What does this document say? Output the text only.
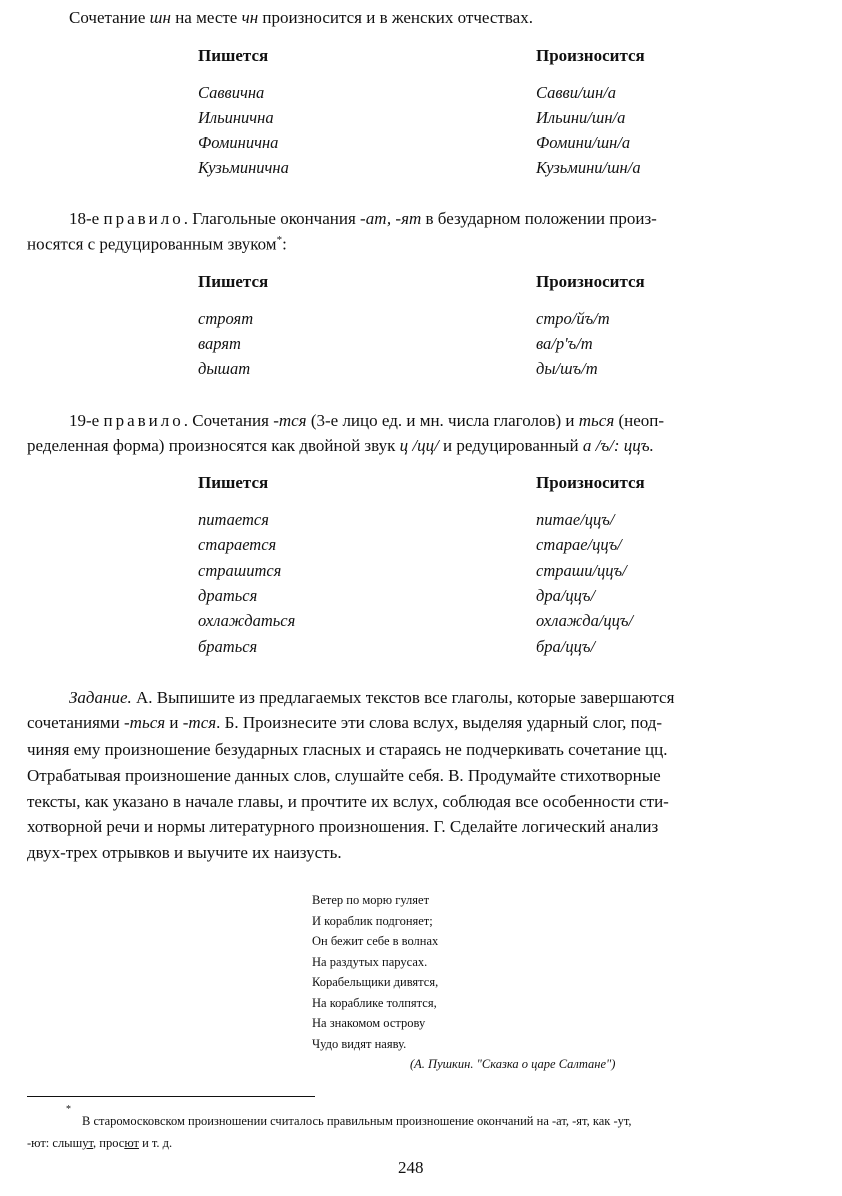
Сочетание шн на месте чн произносится и в женских отчествах.
Пишется	Произносится
Саввична	Савви/шн/а
Ильинична	Ильини/шн/а
Фоминична	Фомини/шн/а
Кузьминична	Кузьмини/шн/а
18-е правило. Глагольные окончания -ат, -ят в безударном положении произ-
носятся с редуцированным звуком*:
Пишется	Произносится
строят	стро/йъ/т
варят	ва/р'ъ/т
дышат	ды/шъ/т
19-е правило. Сочетания -тся (3-е лицо ед. и мн. числа глаголов) и ться (неоп-
ределенная форма) произносятся как двойной звук ц /цц/ и редуцированный а /ъ/: ццъ.
Пишется	Произносится
питается	питае/ццъ/
старается	старае/ццъ/
страшится	страши/ццъ/
драться	дра/ццъ/
охлаждаться	охлажда/ццъ/
браться	бра/ццъ/
Задание. А. Выпишите из предлагаемых текстов все глаголы, которые завершаются
сочетаниями -ться и -тся. Б. Произнесите эти слова вслух, выделяя ударный слог, под-
чиняя ему произношение безударных гласных и стараясь не подчеркивать сочетание цц.
Отрабатывая произношение данных слов, слушайте себя. В. Продумайте стихотворные
тексты, как указано в начале главы, и прочтите их вслух, соблюдая все особенности сти-
хотворной речи и нормы литературного произношения. Г. Сделайте логический анализ
двух-трех отрывков и выучите их наизусть.
Ветер по морю гуляет
И кораблик подгоняет;
Он бежит себе в волнах
На раздутых парусах.
Корабельщики дивятся,
На кораблике толпятся,
На знакомом острову
Чудо видят наяву.
(А. Пушкин. "Сказка о царе Салтане")
*
В старомосковском произношении считалось правильным произношение окончаний на -ат, -ят, как -ут,
-ют: слышут, просют и т. д.
248
